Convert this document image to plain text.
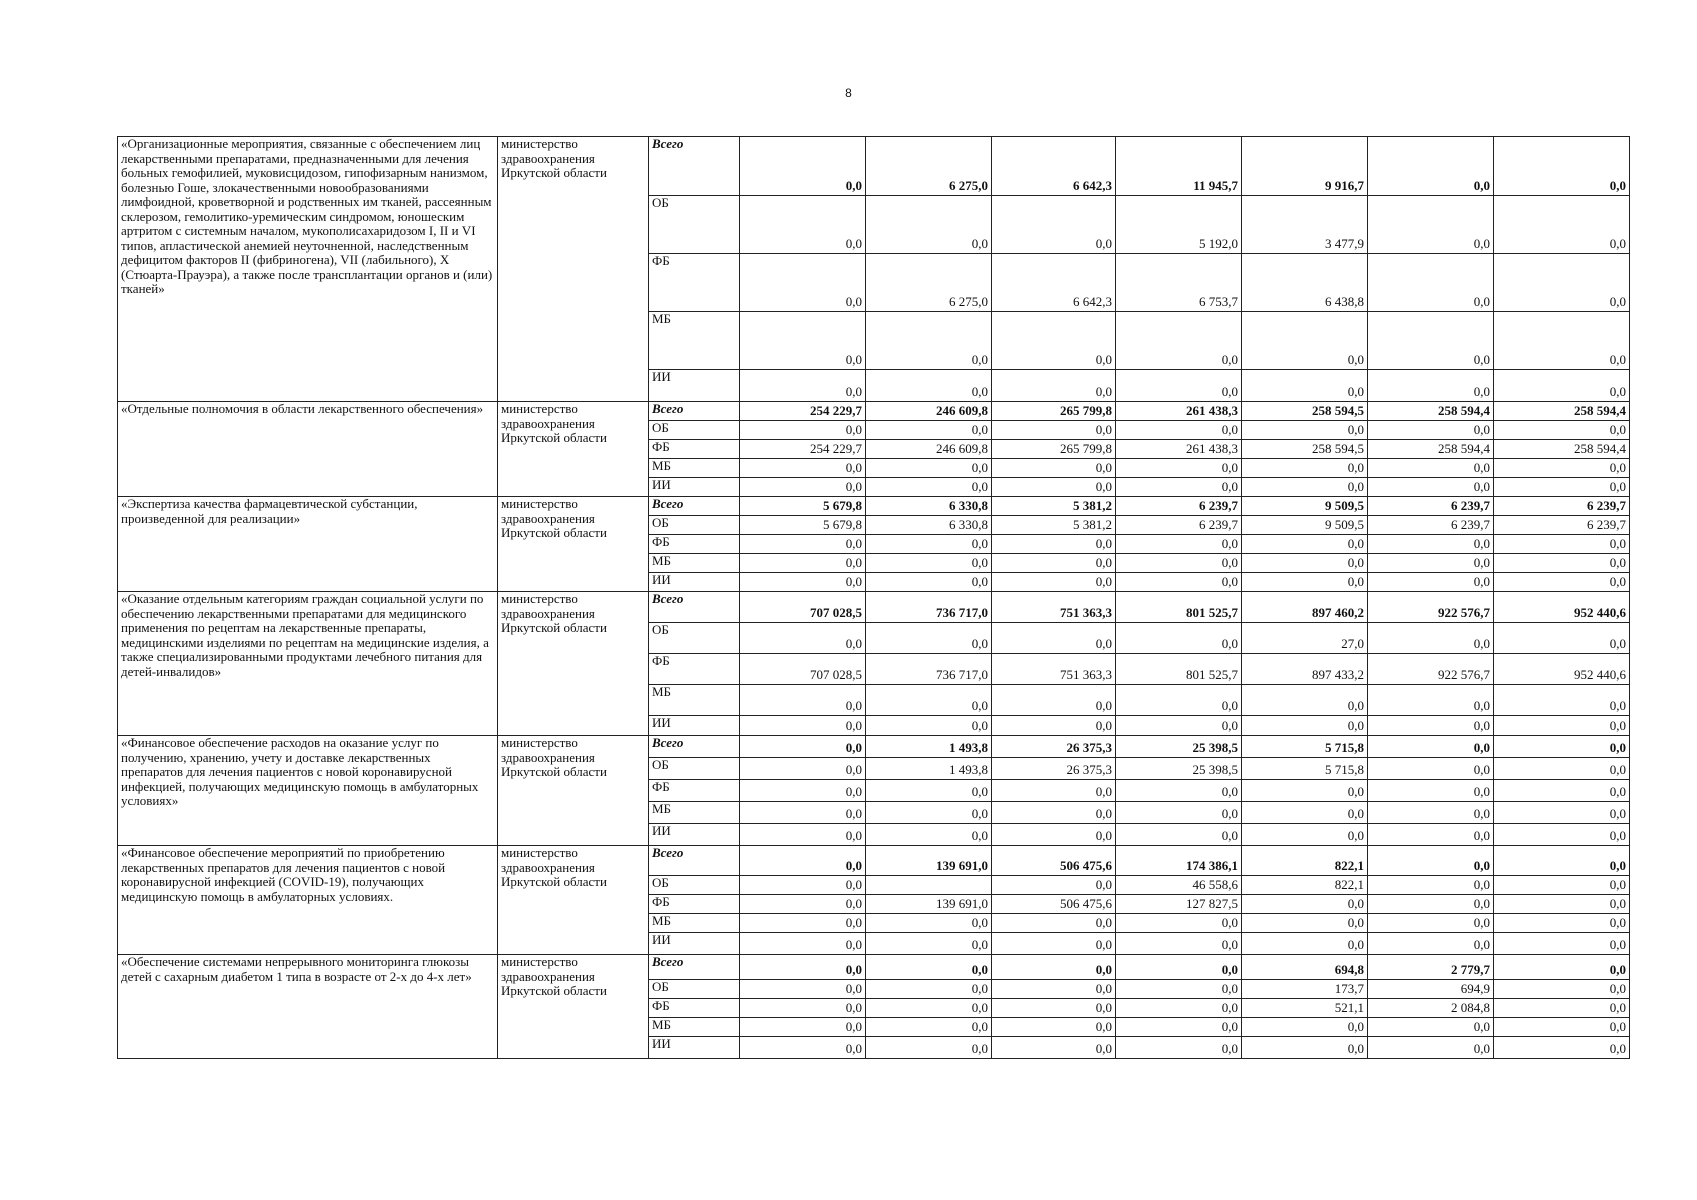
8
«Организационные мероприятия, связанные с обеспечением лиц лекарственными препаратами, предназначенными для лечения больных гемофилией, муковисцидозом, гипофизарным нанизмом, болезнью Гоше, злокачественными новообразованиями лимфоидной, кроветворной и родственных им тканей, рассеянным склерозом, гемолитико-уремическим синдромом, юношеским артритом с системным началом, мукополисахаридозом I, II и VI типов, апластической анемией неуточненной, наследственным дефицитом факторов II (фибриногена), VII (лабильного), X (Стюарта-Прауэра), а также после трансплантации органов и (или) тканей»	министерство здравоохранения Иркутской области	Всего	0,0	6 275,0	6 642,3	11 945,7	9 916,7	0,0	0,0
		ОБ	0,0	0,0	0,0	5 192,0	3 477,9	0,0	0,0
		ФБ	0,0	6 275,0	6 642,3	6 753,7	6 438,8	0,0	0,0
		МБ	0,0	0,0	0,0	0,0	0,0	0,0	0,0
		ИИ	0,0	0,0	0,0	0,0	0,0	0,0	0,0
«Отдельные полномочия в области лекарственного обеспечения»	министерство здравоохранения Иркутской области	Всего	254 229,7	246 609,8	265 799,8	261 438,3	258 594,5	258 594,4	258 594,4
		ОБ	0,0	0,0	0,0	0,0	0,0	0,0	0,0
		ФБ	254 229,7	246 609,8	265 799,8	261 438,3	258 594,5	258 594,4	258 594,4
		МБ	0,0	0,0	0,0	0,0	0,0	0,0	0,0
		ИИ	0,0	0,0	0,0	0,0	0,0	0,0	0,0
«Экспертиза качества фармацевтической субстанции, произведенной для реализации»	министерство здравоохранения Иркутской области	Всего	5 679,8	6 330,8	5 381,2	6 239,7	9 509,5	6 239,7	6 239,7
		ОБ	5 679,8	6 330,8	5 381,2	6 239,7	9 509,5	6 239,7	6 239,7
		ФБ	0,0	0,0	0,0	0,0	0,0	0,0	0,0
		МБ	0,0	0,0	0,0	0,0	0,0	0,0	0,0
		ИИ	0,0	0,0	0,0	0,0	0,0	0,0	0,0
«Оказание отдельным категориям граждан социальной услуги по обеспечению лекарственными препаратами для медицинского применения по рецептам на лекарственные препараты, медицинскими изделиями по рецептам на медицинские изделия, а также специализированными продуктами лечебного питания для детей-инвалидов»	министерство здравоохранения Иркутской области	Всего	707 028,5	736 717,0	751 363,3	801 525,7	897 460,2	922 576,7	952 440,6
		ОБ	0,0	0,0	0,0	0,0	27,0	0,0	0,0
		ФБ	707 028,5	736 717,0	751 363,3	801 525,7	897 433,2	922 576,7	952 440,6
		МБ	0,0	0,0	0,0	0,0	0,0	0,0	0,0
		ИИ	0,0	0,0	0,0	0,0	0,0	0,0	0,0
«Финансовое обеспечение расходов на оказание услуг по получению, хранению, учету и доставке лекарственных препаратов для лечения пациентов с новой коронавирусной инфекцией, получающих медицинскую помощь в амбулаторных условиях»	министерство здравоохранения Иркутской области	Всего	0,0	1 493,8	26 375,3	25 398,5	5 715,8	0,0	0,0
		ОБ	0,0	1 493,8	26 375,3	25 398,5	5 715,8	0,0	0,0
		ФБ	0,0	0,0	0,0	0,0	0,0	0,0	0,0
		МБ	0,0	0,0	0,0	0,0	0,0	0,0	0,0
		ИИ	0,0	0,0	0,0	0,0	0,0	0,0	0,0
«Финансовое обеспечение мероприятий по приобретению лекарственных препаратов для лечения пациентов с новой коронавирусной инфекцией (COVID-19), получающих медицинскую помощь в амбулаторных условиях.	министерство здравоохранения Иркутской области	Всего	0,0	139 691,0	506 475,6	174 386,1	822,1	0,0	0,0
		ОБ	0,0		0,0	46 558,6	822,1	0,0	0,0
		ФБ	0,0	139 691,0	506 475,6	127 827,5	0,0	0,0	0,0
		МБ	0,0	0,0	0,0	0,0	0,0	0,0	0,0
		ИИ	0,0	0,0	0,0	0,0	0,0	0,0	0,0
«Обеспечение системами непрерывного мониторинга глюкозы детей с сахарным диабетом 1 типа в возрасте от 2-х до 4-х лет»	министерство здравоохранения Иркутской области	Всего	0,0	0,0	0,0	0,0	694,8	2 779,7	0,0
		ОБ	0,0	0,0	0,0	0,0	173,7	694,9	0,0
		ФБ	0,0	0,0	0,0	0,0	521,1	2 084,8	0,0
		МБ	0,0	0,0	0,0	0,0	0,0	0,0	0,0
		ИИ	0,0	0,0	0,0	0,0	0,0	0,0	0,0
